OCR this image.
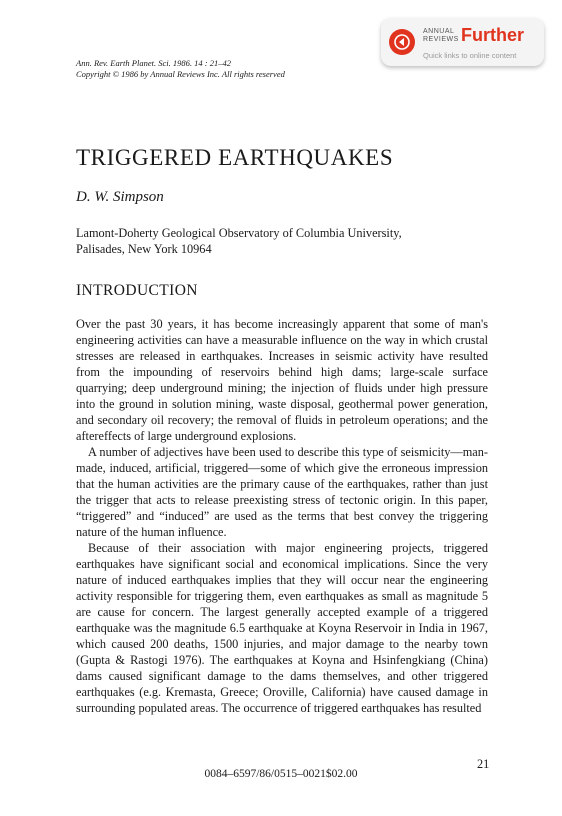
ANNUAL
REVIEWS Further
Quick links to online content
Ann. Rev. Earth Planet. Sci. 1986. 14 : 21–42
Copyright © 1986 by Annual Reviews Inc. All rights reserved
TRIGGERED EARTHQUAKES
D. W. Simpson
Lamont-Doherty Geological Observatory of Columbia University,
Palisades, New York 10964
INTRODUCTION

Over the past 30 years, it has become increasingly apparent that some of man's engineering activities can have a measurable influence on the way in which crustal stresses are released in earthquakes. Increases in seismic activity have resulted from the impounding of reservoirs behind high dams; large-scale surface quarrying; deep underground mining; the injection of fluids under high pressure into the ground in solution mining, waste disposal, geothermal power generation, and secondary oil recovery; the removal of fluids in petroleum operations; and the aftereffects of large underground explosions.

A number of adjectives have been used to describe this type of seismicity—man-made, induced, artificial, triggered—some of which give the erroneous impression that the human activities are the primary cause of the earthquakes, rather than just the trigger that acts to release preexisting stress of tectonic origin. In this paper, “triggered” and “induced” are used as the terms that best convey the triggering nature of the human influence.

Because of their association with major engineering projects, triggered earthquakes have significant social and economical implications. Since the very nature of induced earthquakes implies that they will occur near the engineering activity responsible for triggering them, even earthquakes as small as magnitude 5 are cause for concern. The largest generally accepted example of a triggered earthquake was the magnitude 6.5 earthquake at Koyna Reservoir in India in 1967, which caused 200 deaths, 1500 injuries, and major damage to the nearby town (Gupta & Rastogi 1976). The earthquakes at Koyna and Hsinfengkiang (China) dams caused significant damage to the dams themselves, and other triggered earthquakes (e.g. Kremasta, Greece; Oroville, California) have caused damage in surrounding populated areas. The occurrence of triggered earthquakes has resulted

21
0084–6597/86/0515–0021$02.00
